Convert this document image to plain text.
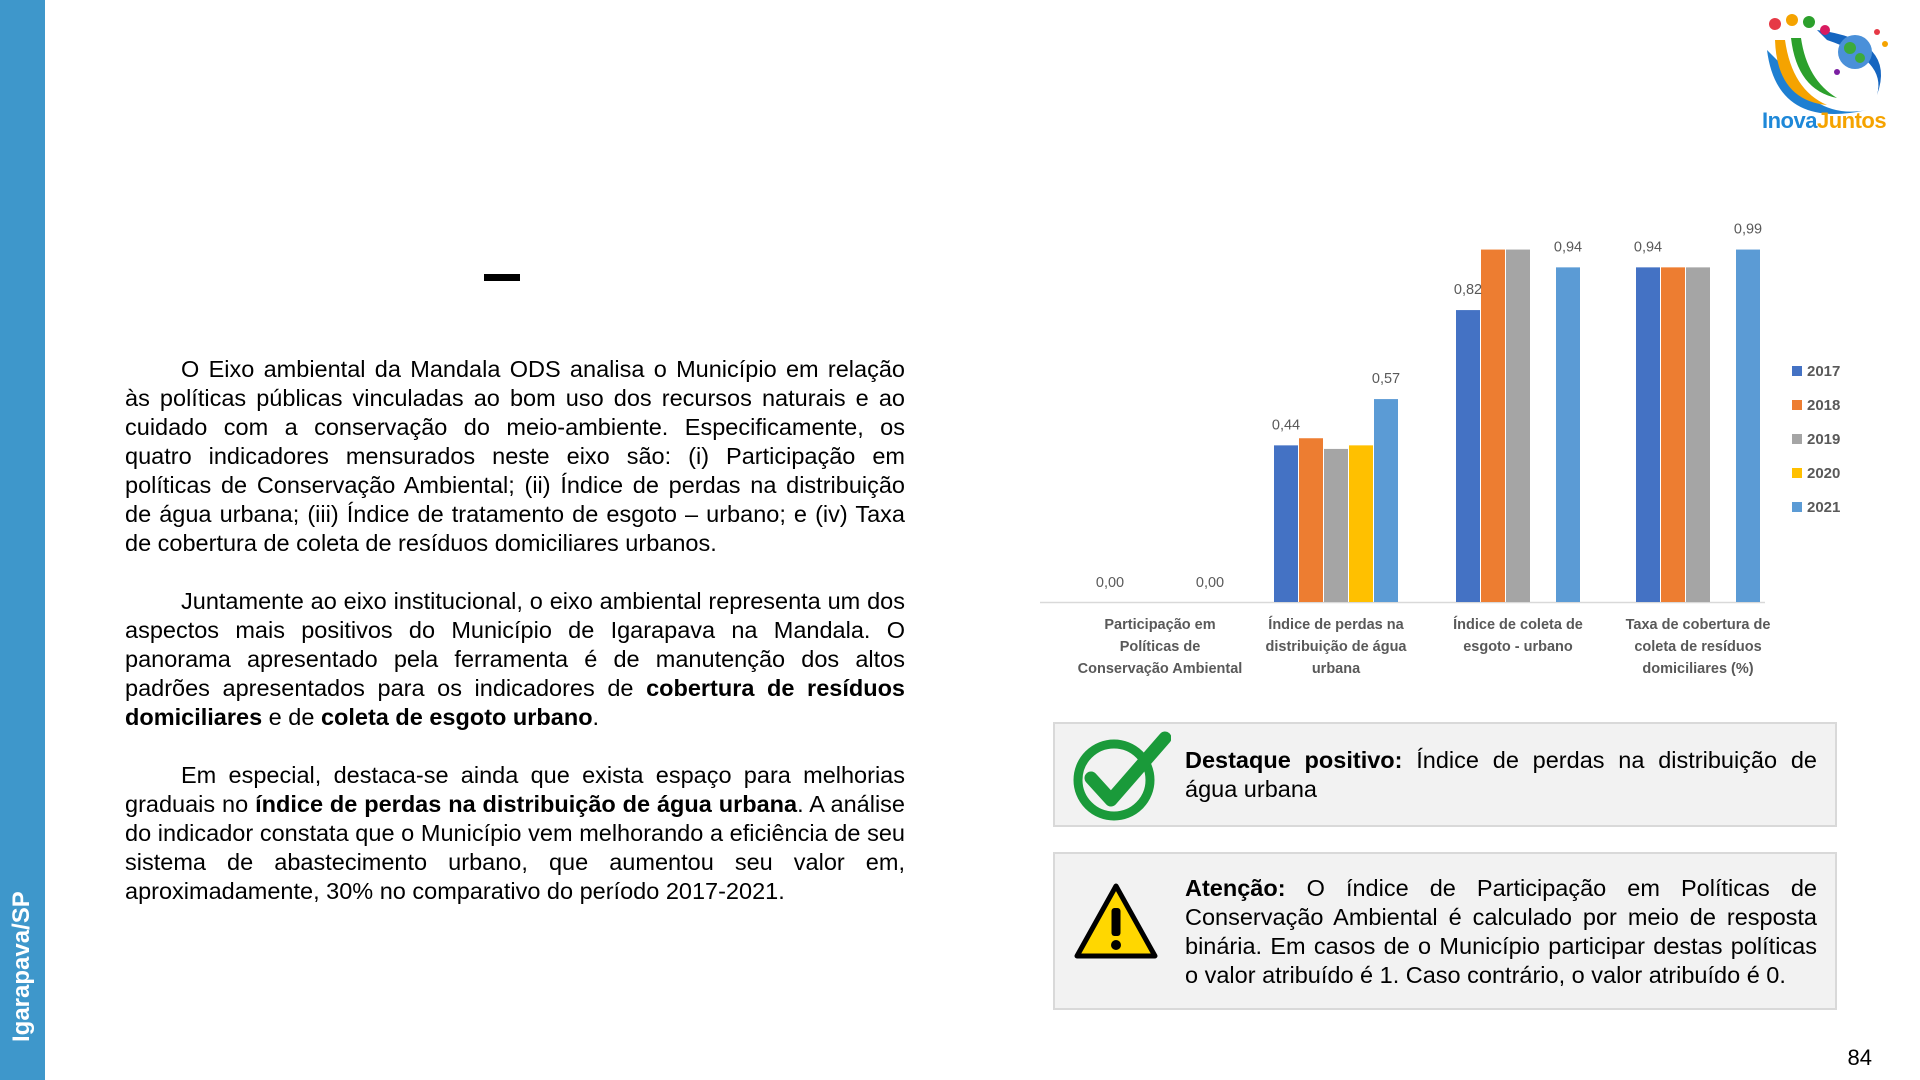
Igarapava/SP
InovaJuntos

O Eixo ambiental da Mandala ODS analisa o Município em relação às políticas públicas vinculadas ao bom uso dos recursos naturais e ao cuidado com a conservação do meio-ambiente. Especificamente, os quatro indicadores mensurados neste eixo são: (i) Participação em políticas de Conservação Ambiental; (ii) Índice de perdas na distribuição de água urbana; (iii) Índice de tratamento de esgoto – urbano; e (iv) Taxa de cobertura de coleta de resíduos domiciliares urbanos.

Juntamente ao eixo institucional, o eixo ambiental representa um dos aspectos mais positivos do Município de Igarapava na Mandala. O panorama apresentado pela ferramenta é de manutenção dos altos padrões apresentados para os indicadores de cobertura de resíduos domiciliares e de coleta de esgoto urbano.

Em especial, destaca-se ainda que exista espaço para melhorias graduais no índice de perdas na distribuição de água urbana. A análise do indicador constata que o Município vem melhorando a eficiência de seu sistema de abastecimento urbano, que aumentou seu valor em, aproximadamente, 30% no comparativo do período 2017-2021.

Participação em
Políticas de
Conservação Ambiental
Índice de perdas na
distribuição de água
urbana
Índice de coleta de
esgoto - urbano
Taxa de cobertura de
coleta de resíduos
domiciliares (%)
0,00	0,00
0,44
0,57
0,82
0,94	0,94
0,99
2017
2018
2019
2020
2021
Destaque positivo: Índice de perdas na distribuição de água urbana
Atenção: O índice de Participação em Políticas de Conservação Ambiental é calculado por meio de resposta binária. Em casos de o Município participar destas políticas o valor atribuído é 1. Caso contrário, o valor atribuído é 0.
84
